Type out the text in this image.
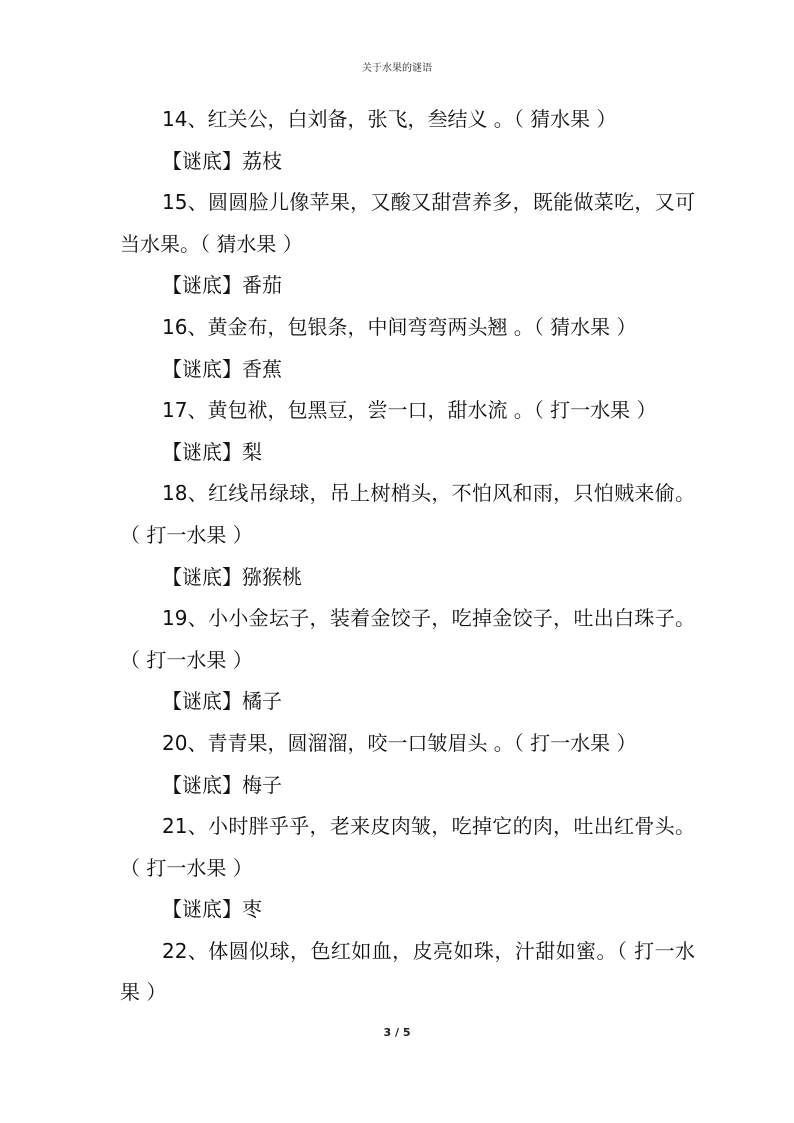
关于水果的谜语

14、红关公，白刘备，张飞，叁结义 。（ 猜水果 ）

【谜底】荔枝

15、圆圆脸儿像苹果，又酸又甜营养多，既能做菜吃，又可当水果。（ 猜水果 ）

【谜底】番茄

16、黄金布，包银条，中间弯弯两头翘 。（ 猜水果 ）

【谜底】香蕉

17、黄包袱，包黑豆，尝一口，甜水流 。（ 打一水果 ）

【谜底】梨

18、红线吊绿球，吊上树梢头，不怕风和雨，只怕贼来偷。（ 打一水果 ）

【谜底】猕猴桃

19、小小金坛子，装着金饺子，吃掉金饺子，吐出白珠子。（ 打一水果 ）

【谜底】橘子

20、青青果，圆溜溜，咬一口皱眉头 。（ 打一水果 ）

【谜底】梅子

21、小时胖乎乎，老来皮肉皱，吃掉它的肉，吐出红骨头。（ 打一水果 ）

【谜底】枣

22、体圆似球，色红如血，皮亮如珠，汁甜如蜜。（ 打一水果 ）

3 / 5
